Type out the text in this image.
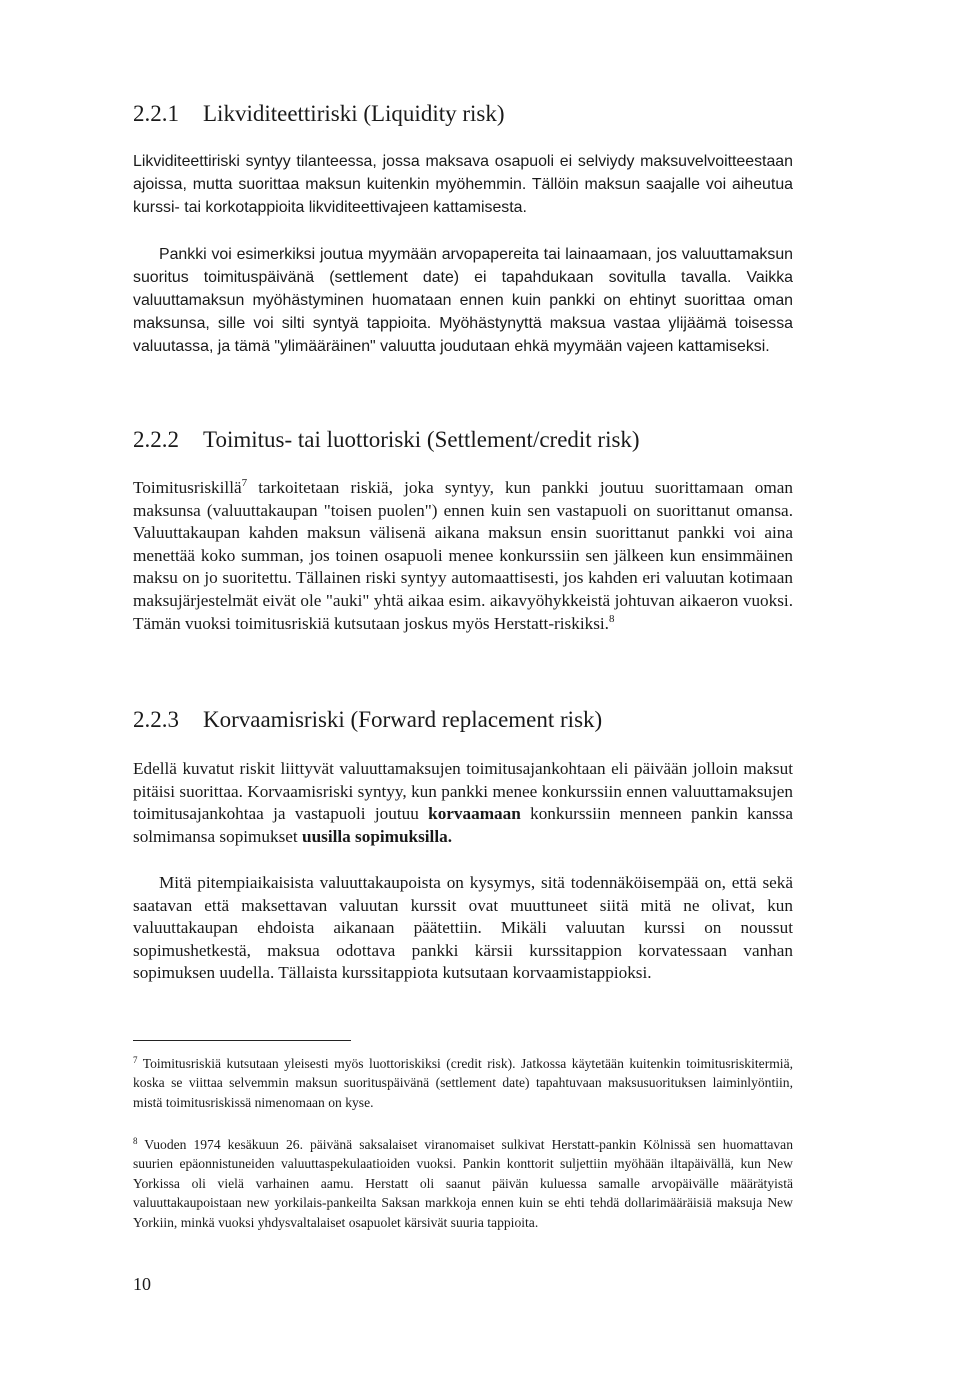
2.2.1 Likviditeettiriski (Liquidity risk)

Likviditeettiriski syntyy tilanteessa, jossa maksava osapuoli ei selviydy maksuvelvoitteestaan ajoissa, mutta suorittaa maksun kuitenkin myöhemmin. Tällöin maksun saajalle voi aiheutua kurssi- tai korkotappioita likviditeettivajeen kattamisesta.

Pankki voi esimerkiksi joutua myymään arvopapereita tai lainaamaan, jos valuuttamaksun suoritus toimituspäivänä (settlement date) ei tapahdukaan sovitulla tavalla. Vaikka valuuttamaksun myöhästyminen huomataan ennen kuin pankki on ehtinyt suorittaa oman maksunsa, sille voi silti syntyä tappioita. Myöhästynyttä maksua vastaa ylijäämä toisessa valuutassa, ja tämä "ylimääräinen" valuutta joudutaan ehkä myymään vajeen kattamiseksi.

2.2.2 Toimitus- tai luottoriski (Settlement/credit risk)

Toimitusriskillä$^7$ tarkoitetaan riskiä, joka syntyy, kun pankki joutuu suorittamaan oman maksunsa (valuuttakaupan "toisen puolen") ennen kuin sen vastapuoli on suorittanut omansa. Valuuttakaupan kahden maksun välisenä aikana maksun ensin suorittanut pankki voi aina menettää koko summan, jos toinen osapuoli menee konkurssiin sen jälkeen kun ensimmäinen maksu on jo suoritettu. Tällainen riski syntyy automaattisesti, jos kahden eri valuutan kotimaan maksujärjestelmät eivät ole "auki" yhtä aikaa esim. aikavyöhykkeistä johtuvan aikaeron vuoksi. Tämän vuoksi toimitusriskiä kutsutaan joskus myös Herstatt-riskiksi.$^8$

2.2.3 Korvaamisriski (Forward replacement risk)

Edellä kuvatut riskit liittyvät valuuttamaksujen toimitusajankohtaan eli päivään jolloin maksut pitäisi suorittaa. Korvaamisriski syntyy, kun pankki menee konkurssiin ennen valuuttamaksujen toimitusajankohtaa ja vastapuoli joutuu korvaamaan konkurssiin menneen pankin kanssa solmimansa sopimukset uusilla sopimuksilla.

Mitä pitempiaikaisista valuuttakaupoista on kysymys, sitä todennäköisempää on, että sekä saatavan että maksettavan valuutan kurssit ovat muuttuneet siitä mitä ne olivat, kun valuuttakaupan ehdoista aikanaan päätettiin. Mikäli valuutan kurssi on noussut sopimushetkestä, maksua odottava pankki kärsii kurssitappion korvatessaan vanhan sopimuksen uudella. Tällaista kurssitappiota kutsutaan korvaamistappioksi.

$^7$ Toimitusriskiä kutsutaan yleisesti myös luottoriskiksi (credit risk). Jatkossa käytetään kuitenkin toimitusriskitermiä, koska se viittaa selvemmin maksun suorituspäivänä (settlement date) tapahtuvaan maksusuorituksen laiminlyöntiin, mistä toimitusriskissä nimenomaan on kyse.

$^8$ Vuoden 1974 kesäkuun 26. päivänä saksalaiset viranomaiset sulkivat Herstatt-pankin Kölnissä sen huomattavan suurien epäonnistuneiden valuuttaspekulaatioiden vuoksi. Pankin konttorit suljettiin myöhään iltapäivällä, kun New Yorkissa oli vielä varhainen aamu. Herstatt oli saanut päivän kuluessa samalle arvopäivälle määrätyistä valuuttakaupoistaan new yorkilais-pankeilta Saksan markkoja ennen kuin se ehti tehdä dollarimääräisiä maksuja New Yorkiin, minkä vuoksi yhdysvaltalaiset osapuolet kärsivät suuria tappioita.

10
